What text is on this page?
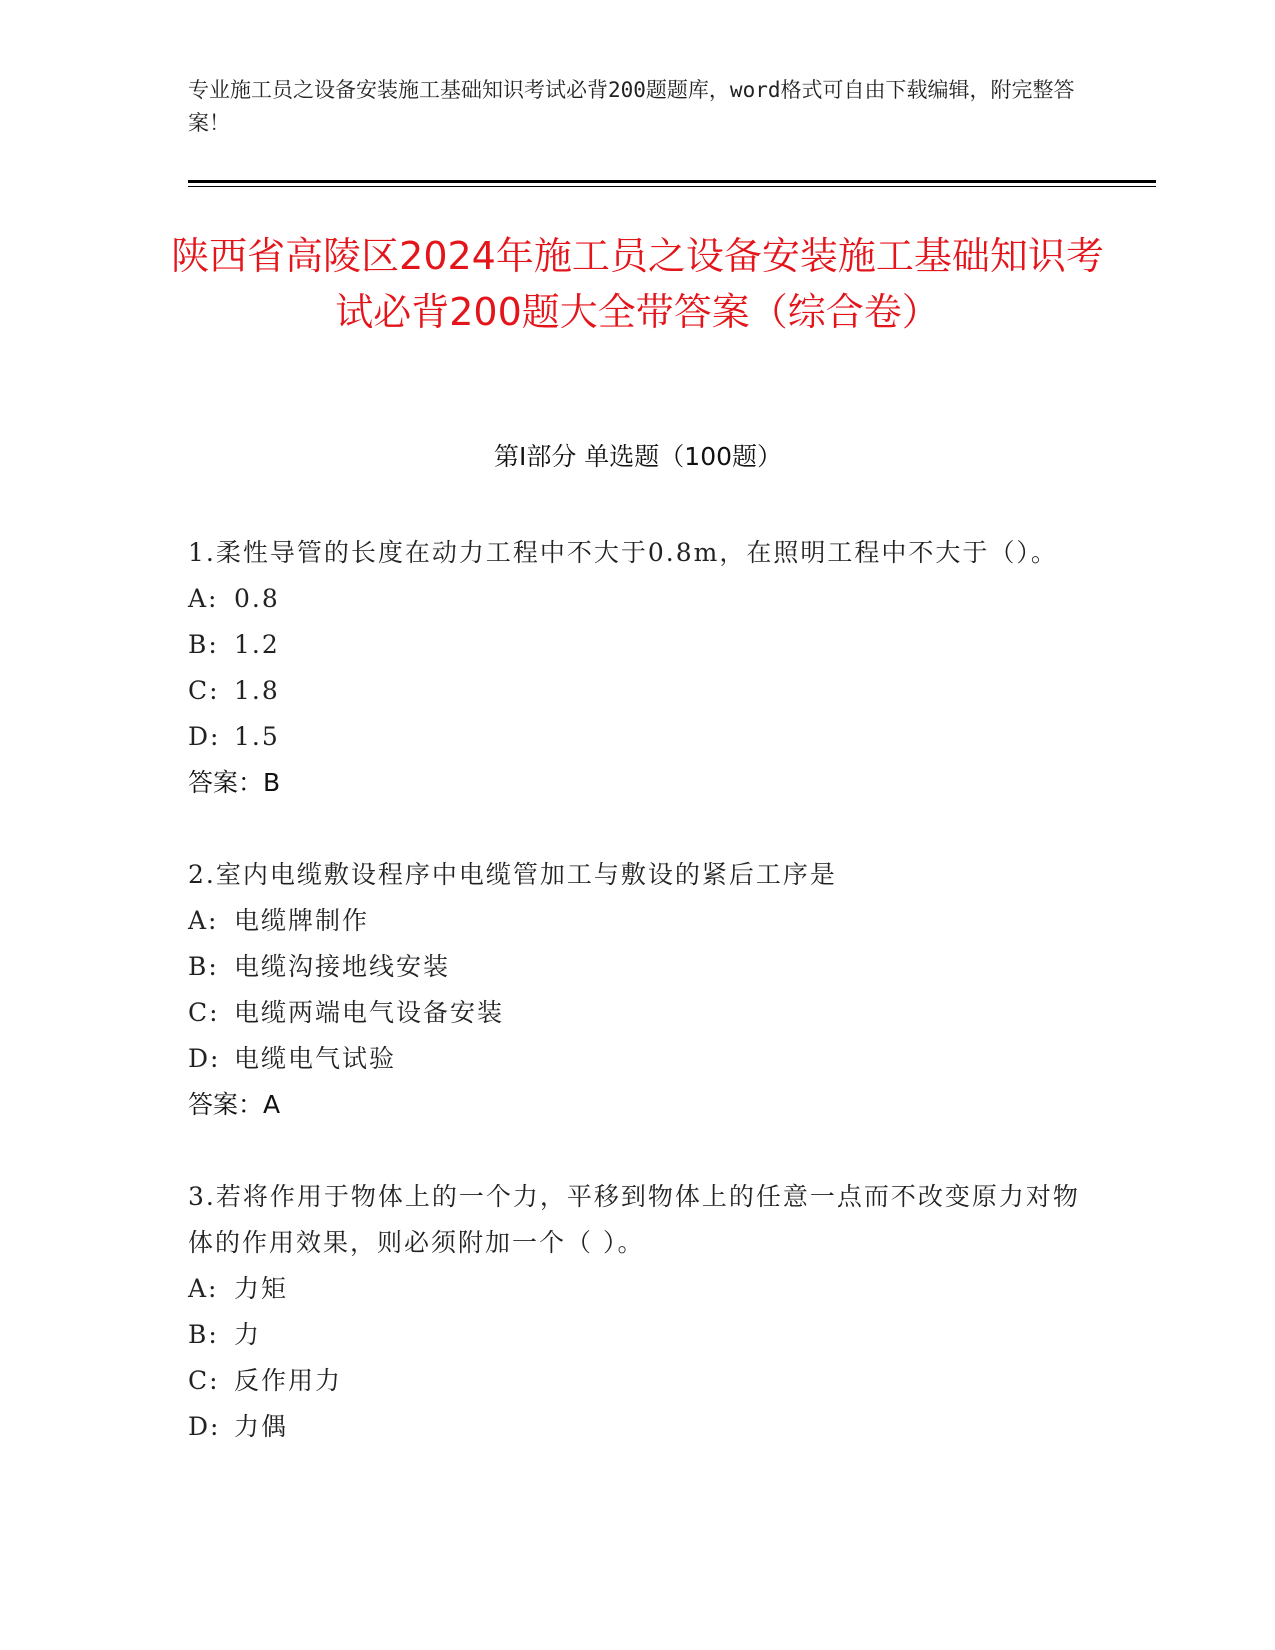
专业施工员之设备安装施工基础知识考试必背200题题库，word格式可自由下载编辑，附完整答案！
陕西省高陵区2024年施工员之设备安装施工基础知识考试必背200题大全带答案（综合卷）
第I部分 单选题（100题）
1.柔性导管的长度在动力工程中不大于0.8m，在照明工程中不大于（）。
A: 0.8
B: 1.2
C: 1.8
D: 1.5
答案：B
2.室内电缆敷设程序中电缆管加工与敷设的紧后工序是
A: 电缆牌制作
B: 电缆沟接地线安装
C: 电缆两端电气设备安装
D: 电缆电气试验
答案：A
3.若将作用于物体上的一个力，平移到物体上的任意一点而不改变原力对物体的作用效果，则必须附加一个（ ）。
A: 力矩
B: 力
C: 反作用力
D: 力偶
